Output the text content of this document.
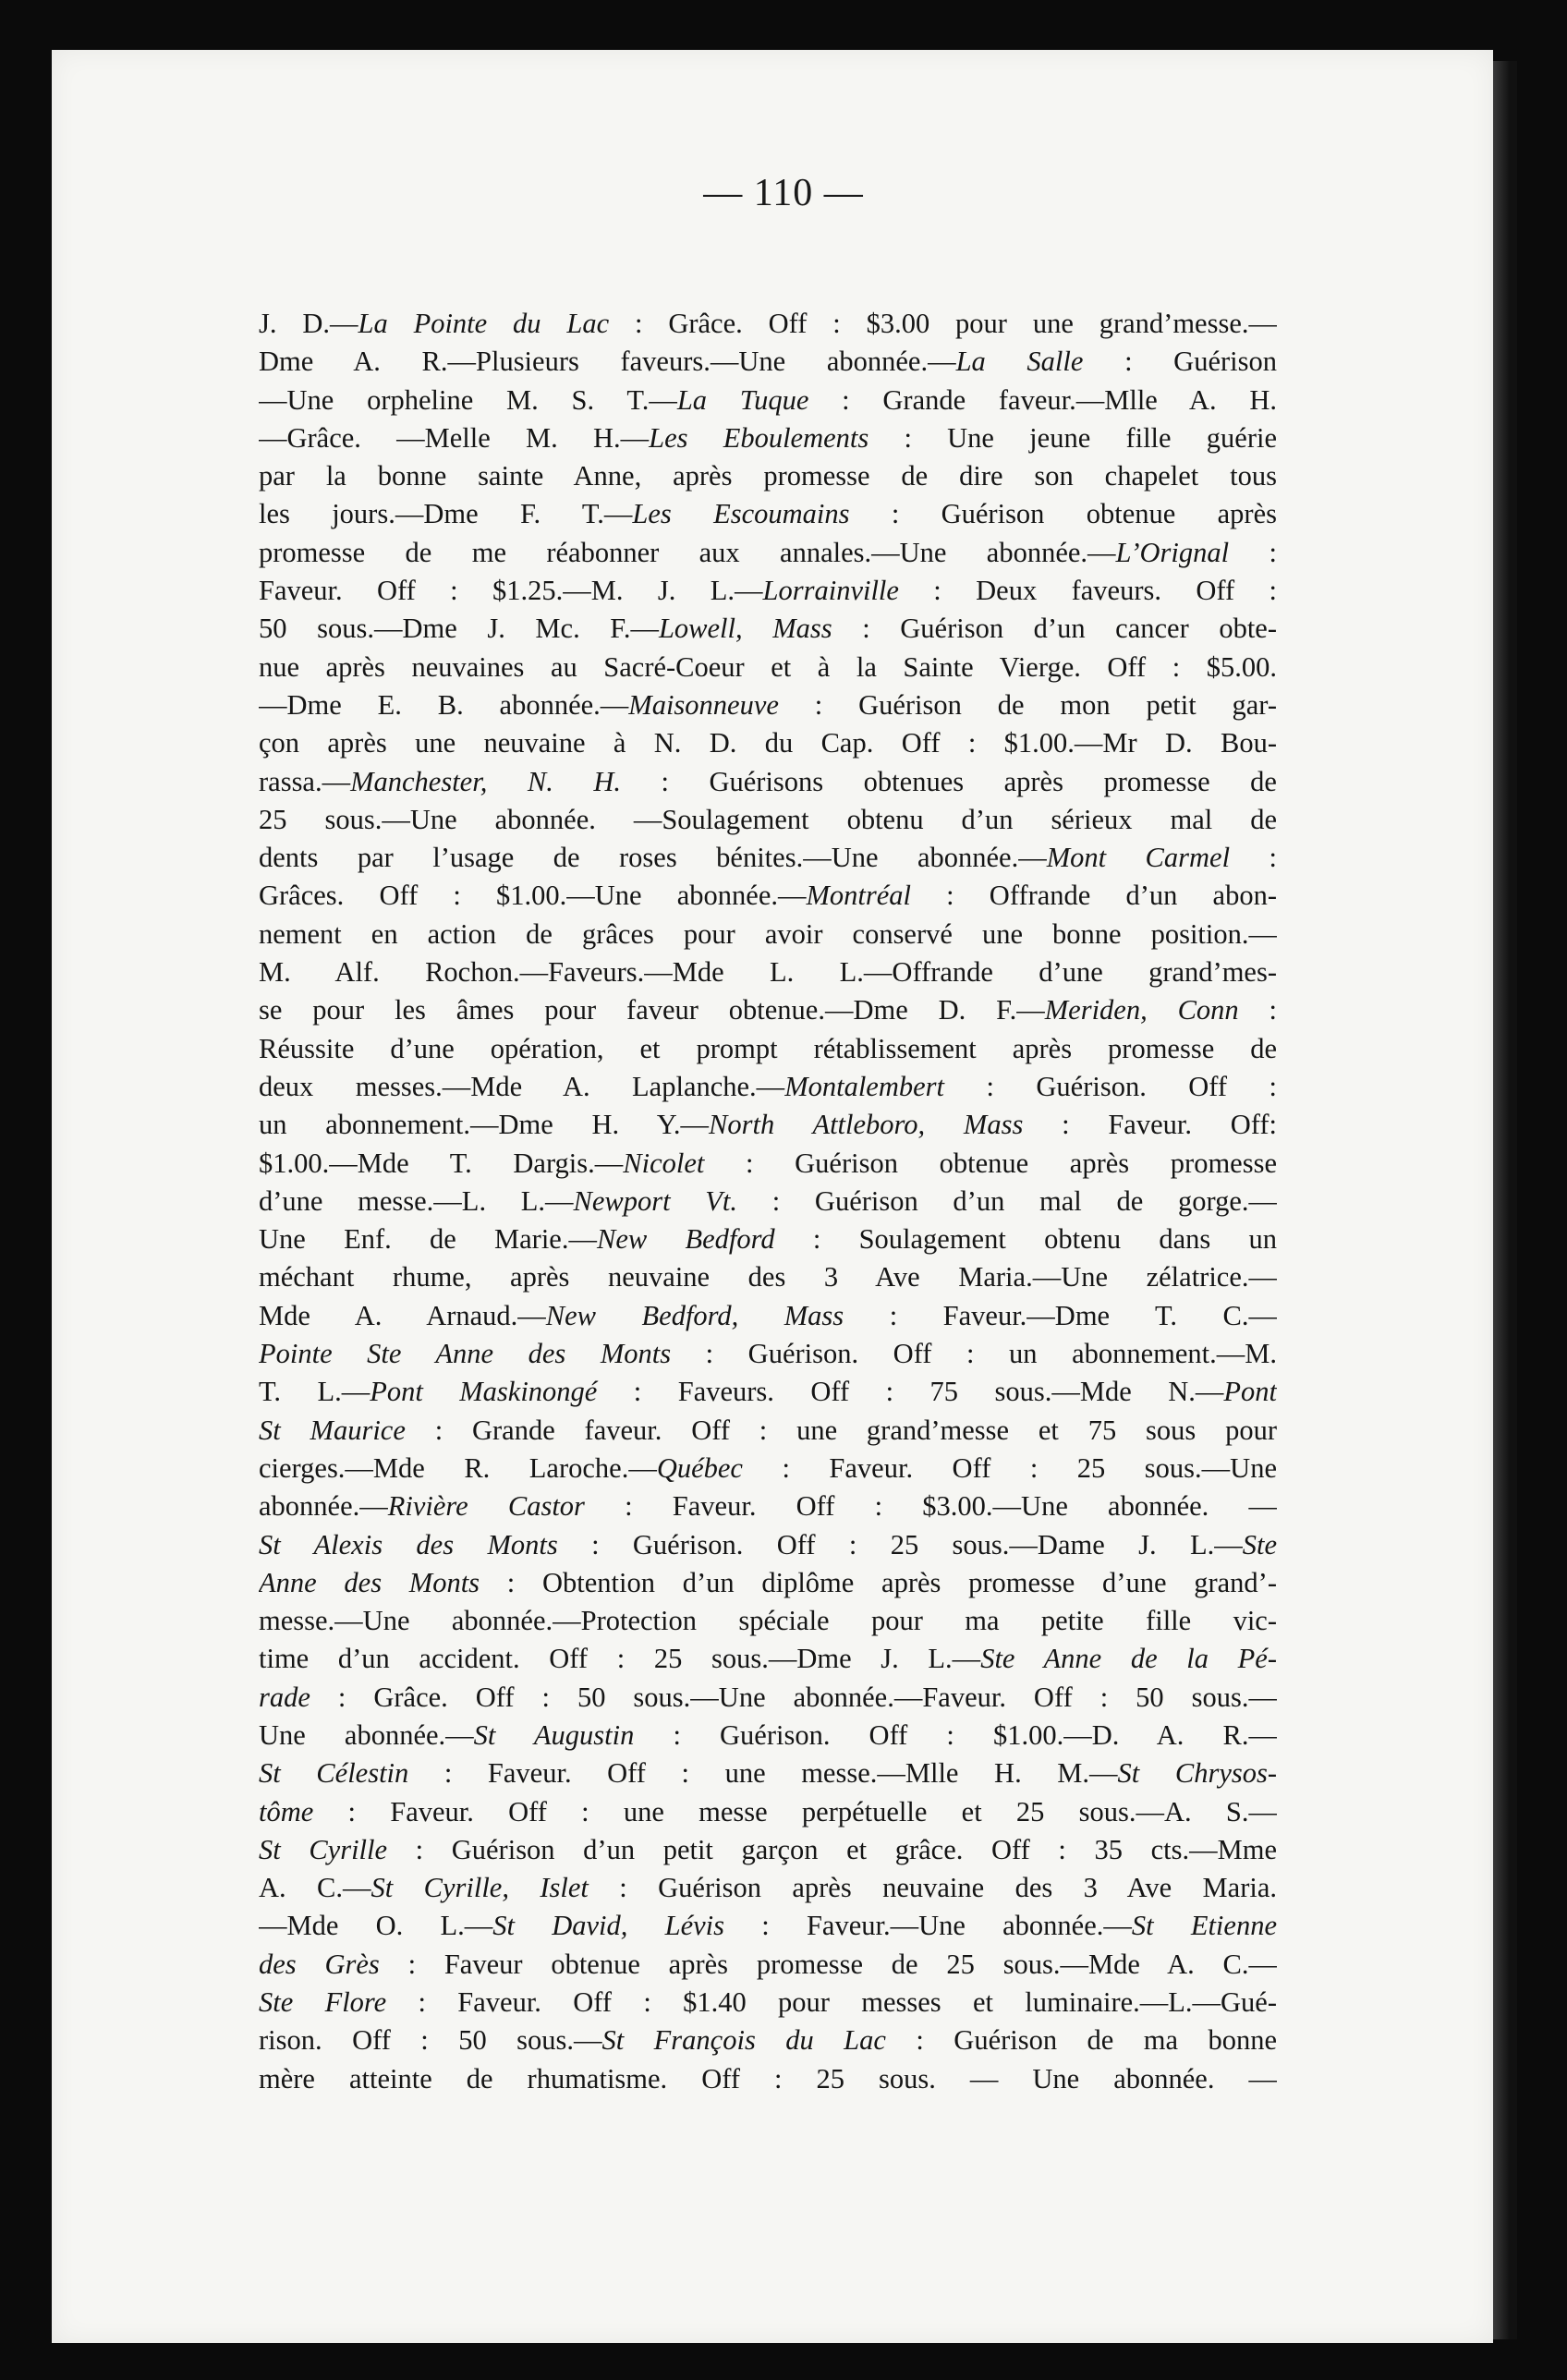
— 110 —
J. D.—La Pointe du Lac : Grâce. Off : $3.00 pour une grand’messe.—
Dme A. R.—Plusieurs faveurs.—Une abonnée.—La Salle : Guérison
—Une orpheline M. S. T.—La Tuque : Grande faveur.—Mlle A. H.
—Grâce. —Melle M. H.—Les Eboulements : Une jeune fille guérie
par la bonne sainte Anne, après promesse de dire son chapelet tous
les jours.—Dme F. T.—Les Escoumains : Guérison obtenue après
promesse de me réabonner aux annales.—Une abonnée.—L’Orignal :
Faveur. Off : $1.25.—M. J. L.—Lorrainville : Deux faveurs. Off :
50 sous.—Dme J. Mc. F.—Lowell, Mass : Guérison d’un cancer obte-
nue après neuvaines au Sacré-Coeur et à la Sainte Vierge. Off : $5.00.
—Dme E. B. abonnée.—Maisonneuve : Guérison de mon petit gar-
çon après une neuvaine à N. D. du Cap. Off : $1.00.—Mr D. Bou-
rassa.—Manchester, N. H. : Guérisons obtenues après promesse de
25 sous.—Une abonnée. —Soulagement obtenu d’un sérieux mal de
dents par l’usage de roses bénites.—Une abonnée.—Mont Carmel :
Grâces. Off : $1.00.—Une abonnée.—Montréal : Offrande d’un abon-
nement en action de grâces pour avoir conservé une bonne position.—
M. Alf. Rochon.—Faveurs.—Mde L. L.—Offrande d’une grand’mes-
se pour les âmes pour faveur obtenue.—Dme D. F.—Meriden, Conn :
Réussite d’une opération, et prompt rétablissement après promesse de
deux messes.—Mde A. Laplanche.—Montalembert : Guérison. Off :
un abonnement.—Dme H. Y.—North Attleboro, Mass : Faveur. Off:
$1.00.—Mde T. Dargis.—Nicolet : Guérison obtenue après promesse
d’une messe.—L. L.—Newport Vt. : Guérison d’un mal de gorge.—
Une Enf. de Marie.—New Bedford : Soulagement obtenu dans un
méchant rhume, après neuvaine des 3 Ave Maria.—Une zélatrice.—
Mde A. Arnaud.—New Bedford, Mass : Faveur.—Dme T. C.—
Pointe Ste Anne des Monts : Guérison. Off : un abonnement.—M.
T. L.—Pont Maskinongé : Faveurs. Off : 75 sous.—Mde N.—Pont
St Maurice : Grande faveur. Off : une grand’messe et 75 sous pour
cierges.—Mde R. Laroche.—Québec : Faveur. Off : 25 sous.—Une
abonnée.—Rivière Castor : Faveur. Off : $3.00.—Une abonnée. —
St Alexis des Monts : Guérison. Off : 25 sous.—Dame J. L.—Ste
Anne des Monts : Obtention d’un diplôme après promesse d’une grand’-
messe.—Une abonnée.—Protection spéciale pour ma petite fille vic-
time d’un accident. Off : 25 sous.—Dme J. L.—Ste Anne de la Pé-
rade : Grâce. Off : 50 sous.—Une abonnée.—Faveur. Off : 50 sous.—
Une abonnée.—St Augustin : Guérison. Off : $1.00.—D. A. R.—
St Célestin : Faveur. Off : une messe.—Mlle H. M.—St Chrysos-
tôme : Faveur. Off : une messe perpétuelle et 25 sous.—A. S.—
St Cyrille : Guérison d’un petit garçon et grâce. Off : 35 cts.—Mme
A. C.—St Cyrille, Islet : Guérison après neuvaine des 3 Ave Maria.
—Mde O. L.—St David, Lévis : Faveur.—Une abonnée.—St Etienne
des Grès : Faveur obtenue après promesse de 25 sous.—Mde A. C.—
Ste Flore : Faveur. Off : $1.40 pour messes et luminaire.—L.—Gué-
rison. Off : 50 sous.—St François du Lac : Guérison de ma bonne
mère atteinte de rhumatisme. Off : 25 sous. — Une abonnée. —
